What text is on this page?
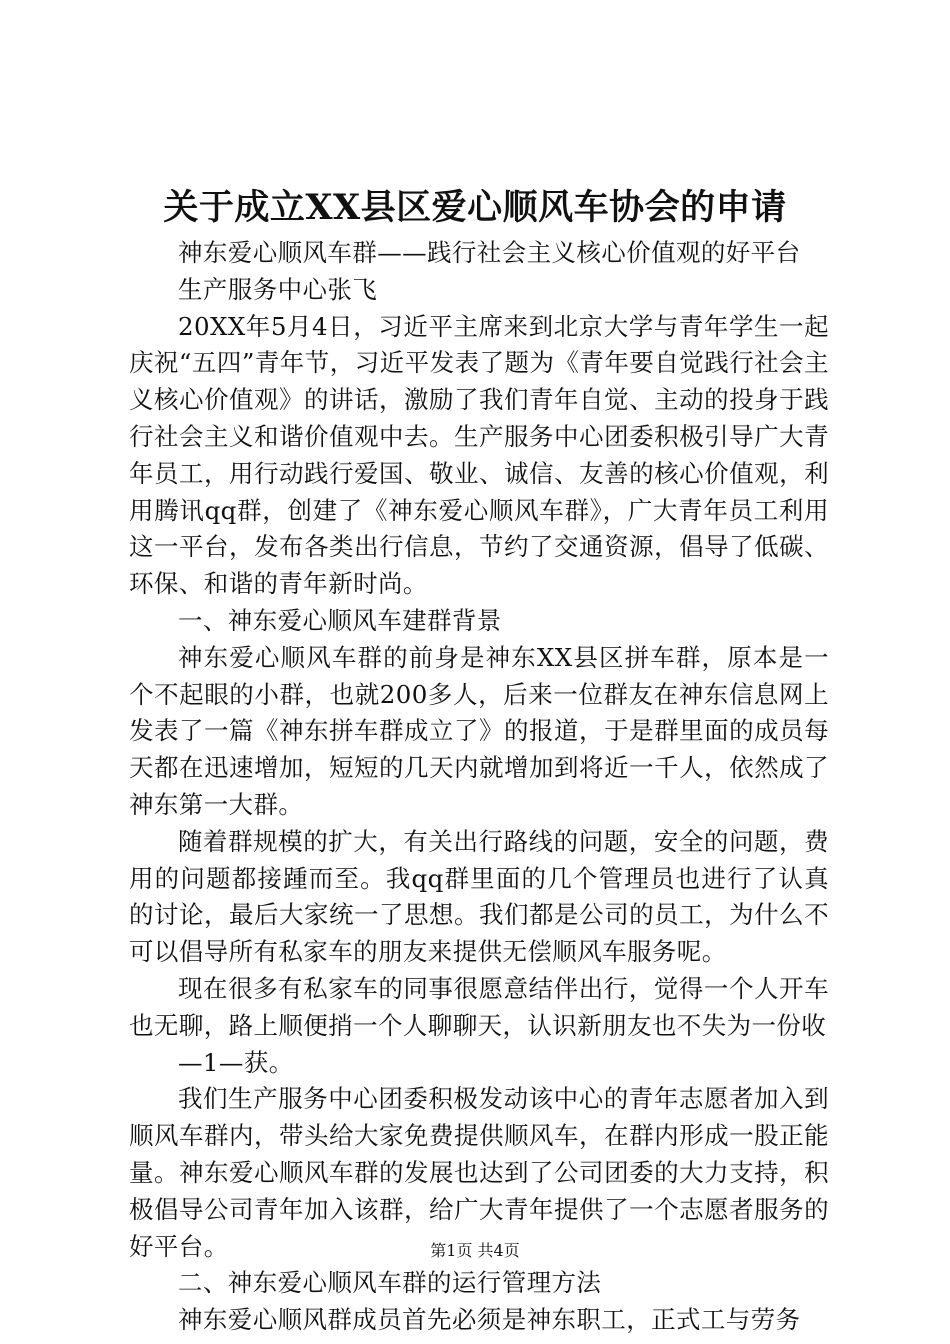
关于成立XX县区爱心顺风车协会的申请

神东爱心顺风车群——践行社会主义核心价值观的好平台

生产服务中心张飞

20XX年5月4日，习近平主席来到北京大学与青年学生一起庆祝“五四”青年节，习近平发表了题为《青年要自觉践行社会主义核心价值观》的讲话，激励了我们青年自觉、主动的投身于践行社会主义和谐价值观中去。生产服务中心团委积极引导广大青年员工，用行动践行爱国、敬业、诚信、友善的核心价值观，利用腾讯qq群，创建了《神东爱心顺风车群》，广大青年员工利用这一平台，发布各类出行信息，节约了交通资源，倡导了低碳、环保、和谐的青年新时尚。

一、神东爱心顺风车建群背景

神东爱心顺风车群的前身是神东XX县区拼车群，原本是一个不起眼的小群，也就200多人，后来一位群友在神东信息网上发表了一篇《神东拼车群成立了》的报道，于是群里面的成员每天都在迅速增加，短短的几天内就增加到将近一千人，依然成了神东第一大群。

随着群规模的扩大，有关出行路线的问题，安全的问题，费用的问题都接踵而至。我qq群里面的几个管理员也进行了认真的讨论，最后大家统一了思想。我们都是公司的员工，为什么不可以倡导所有私家车的朋友来提供无偿顺风车服务呢。

现在很多有私家车的同事很愿意结伴出行，觉得一个人开车也无聊，路上顺便捎一个人聊聊天，认识新朋友也不失为一份收

—1—获。

我们生产服务中心团委积极发动该中心的青年志愿者加入到顺风车群内，带头给大家免费提供顺风车，在群内形成一股正能量。神东爱心顺风车群的发展也达到了公司团委的大力支持，积极倡导公司青年加入该群，给广大青年提供了一个志愿者服务的好平台。

二、神东爱心顺风车群的运行管理方法

神东爱心顺风群成员首先必须是神东职工，正式工与劳务

第1页 共4页
